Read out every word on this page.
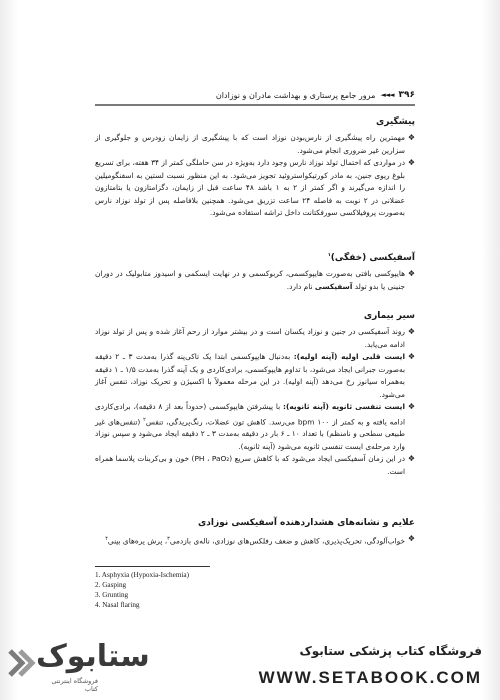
۳۹۶
◄◄◄
مرور جامع پرستاری و بهداشت مادران و نوزادان
پیشگیری

❖
مهمترین راه پیشگیری از نارس‌بودن نوزاد است که با پیشگیری از زایمان زودرس و جلوگیری از سزارین غیر ضروری انجام می‌شود.

❖
در مواردی که احتمال تولد نوزاد نارس وجود دارد به‌ویژه در سن حاملگی کمتر از ۳۴ هفته، برای تسریع بلوغ ریوی جنین، به مادر کورتیکواستروئید تجویز می‌شود. به این منظور نسبت لستین به اسفنگومیلین را اندازه می‌گیرند و اگر کمتر از ۲ به ۱ باشد ۴۸ ساعت قبل از زایمان، دگزامتازون یا بتامتازون عضلانی در ۲ نوبت به فاصله ۲۴ ساعت تزریق می‌شود. همچنین بلافاصله پس از تولد نوزاد نارس به‌صورت پروفیلاکسی سورفکتانت داخل تراشه استفاده می‌شود.

آسفیکسی (خفگی)$^۱$

❖
هایپوکسی بافتی به‌صورت هایپوکسمی، کربوکسمی و در نهایت ایسکمی و اسیدوز متابولیک در دوران جنینی یا بدو تولد آسفیکسی نام دارد.

سیر بیماری

❖
روند آسفیکسی در جنین و نوزاد یکسان است و در بیشتر موارد از رحم آغاز شده و پس از تولد نوزاد ادامه می‌یابد.

❖
ایست قلبی اولیه (آپنه اولیه): به‌دنبال هایپوکسمی ابتدا یک تاکی‌پنه گذرا به‌مدت ۳ ـ ۲ دقیقه به‌صورت جبرانی ایجاد می‌شود، با تداوم هایپوکسمی، برادی‌کاردی و یک آپنه گذرا به‌مدت ۱/۵ ـ ۱ دقیقه به‌همراه سیانوز رخ می‌دهد (آپنه اولیه). در این مرحله معمولاً با اکسیژن و تحریک نوزاد، تنفس آغاز می‌شود.

❖
ایست تنفسی ثانویه (آپنه ثانویه): با پیشرفتن هایپوکسمی (حدوداً بعد از ۸ دقیقه)، برادی‌کاردی ادامه یافته و به کمتر از ۱۰۰ bpm می‌رسد. کاهش تون عضلات، رنگ‌پریدگی، تنفس$^۲$ (تنفس‌های غیر طبیعی سطحی و نامنظم) با تعداد ۱۰ ـ ۶ بار در دقیقه به‌مدت ۳ ـ ۲ دقیقه ایجاد می‌شود و سپس نوزاد وارد مرحله‌ی ایست تنفسی ثانویه می‌شود (آپنه ثانویه).

❖
در این زمان آسفیکسی ایجاد می‌شود که با کاهش سریع (PH ، PaO₂) خون و بی‌کربنات پلاسما همراه است.

علایم و نشانه‌های هشداردهنده آسفیکسی نوزادی

❖
خواب‌آلودگی، تحریک‌پذیری، کاهش و ضعف رفلکس‌های نوزادی، ناله‌ی بازدمی$^۳$، پرش پره‌های بینی$^۴$

1. Asphyxia (Hypoxia-Ischemia)
2. Gasping
3. Grunting
4. Nasal flaring
ستابوک
فروشگاه اینترنتی کتاب
فروشگاه کتاب پزشکی ستابوک
WWW.SETABOOK.COM
